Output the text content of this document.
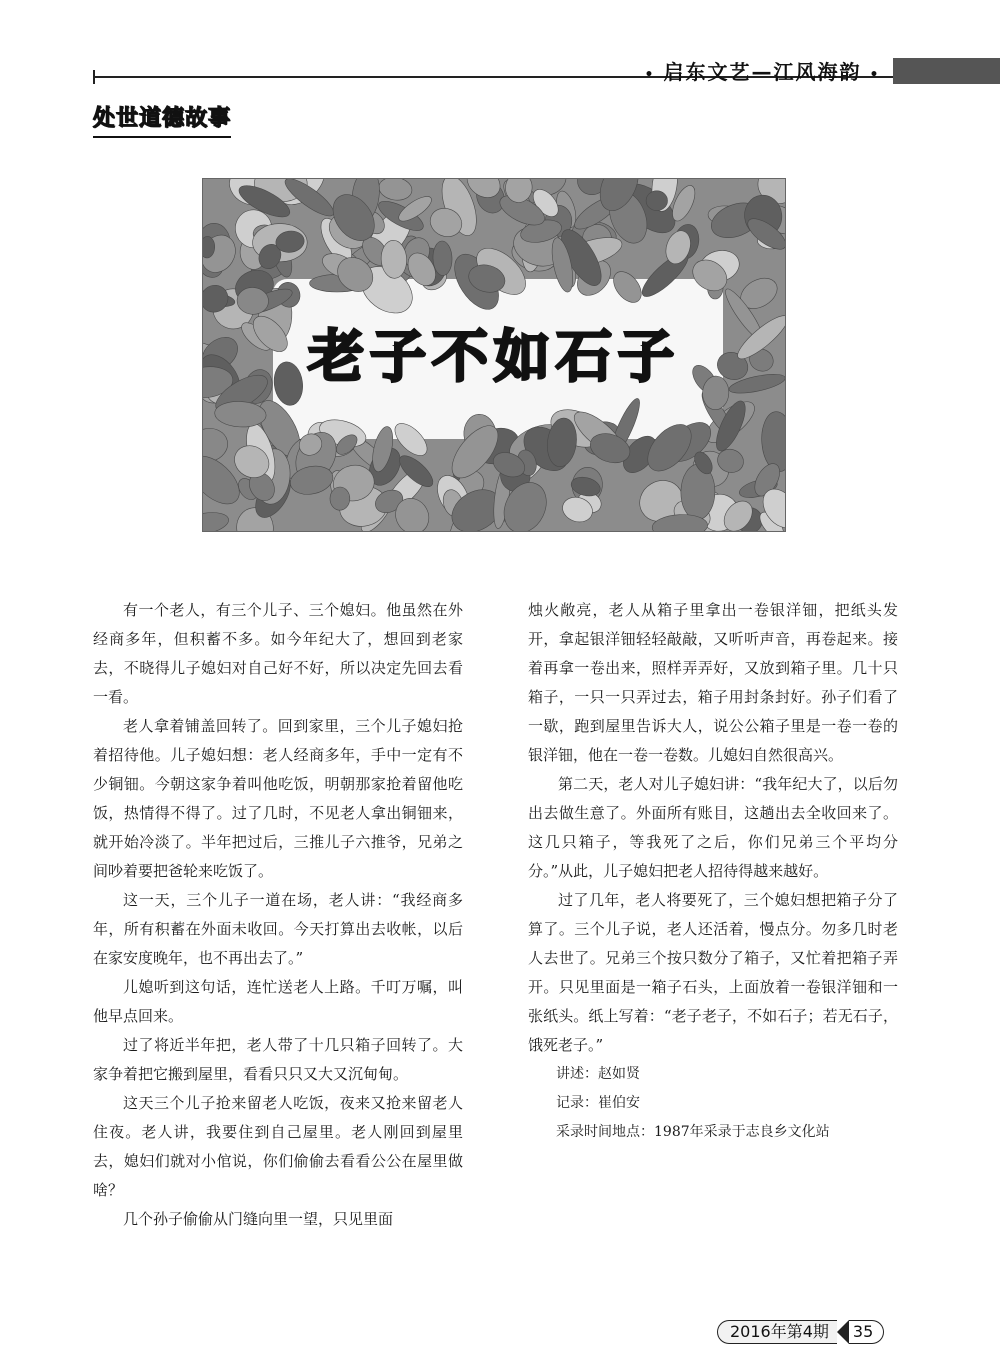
• 启东文艺—江风海韵 •
处世道德故事
老子不如石子

有一个老人，有三个儿子、三个媳妇。他虽然在外经商多年，但积蓄不多。如今年纪大了，想回到老家去，不晓得儿子媳妇对自己好不好，所以决定先回去看一看。

老人拿着铺盖回转了。回到家里，三个儿子媳妇抢着招待他。儿子媳妇想：老人经商多年，手中一定有不少铜钿。今朝这家争着叫他吃饭，明朝那家抢着留他吃饭，热情得不得了。过了几时，不见老人拿出铜钿来，就开始冷淡了。半年把过后，三推儿子六推爷，兄弟之间吵着要把爸轮来吃饭了。

这一天，三个儿子一道在场，老人讲：“我经商多年，所有积蓄在外面未收回。今天打算出去收帐，以后在家安度晚年，也不再出去了。”

儿媳听到这句话，连忙送老人上路。千叮万嘱，叫他早点回来。

过了将近半年把，老人带了十几只箱子回转了。大家争着把它搬到屋里，看看只只又大又沉甸甸。

这天三个儿子抢来留老人吃饭，夜来又抢来留老人住夜。老人讲，我要住到自己屋里。老人刚回到屋里去，媳妇们就对小倌说，你们偷偷去看看公公在屋里做啥？

几个孙子偷偷从门缝向里一望，只见里面

烛火敞亮，老人从箱子里拿出一卷银洋钿，把纸头发开，拿起银洋钿轻轻敲敲，又听听声音，再卷起来。接着再拿一卷出来，照样弄弄好，又放到箱子里。几十只箱子，一只一只弄过去，箱子用封条封好。孙子们看了一歇，跑到屋里告诉大人，说公公箱子里是一卷一卷的银洋钿，他在一卷一卷数。儿媳妇自然很高兴。

第二天，老人对儿子媳妇讲：“我年纪大了，以后勿出去做生意了。外面所有账目，这趟出去全收回来了。这几只箱子，等我死了之后，你们兄弟三个平均分分。”从此，儿子媳妇把老人招待得越来越好。

过了几年，老人将要死了，三个媳妇想把箱子分了算了。三个儿子说，老人还活着，慢点分。勿多几时老人去世了。兄弟三个按只数分了箱子，又忙着把箱子弄开。只见里面是一箱子石头，上面放着一卷银洋钿和一张纸头。纸上写着：“老子老子，不如石子；若无石子，饿死老子。”

讲述：赵如贤
记录：崔伯安
采录时间地点：1987年采录于志良乡文化站
2016年第4期	35
